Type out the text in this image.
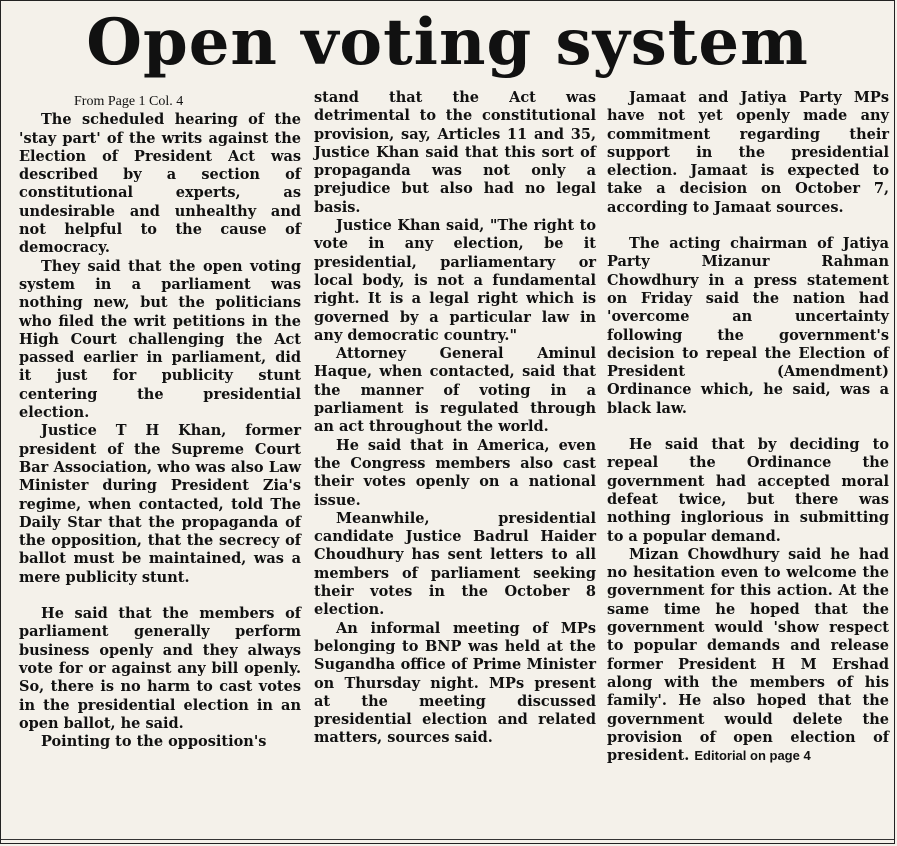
Open voting system

From Page 1 Col. 4

The scheduled hearing of the 'stay part' of the writs against the Election of President Act was described by a section of constitutional experts, as undesirable and unhealthy and not helpful to the cause of democracy.

They said that the open voting system in a parliament was nothing new, but the politicians who filed the writ petitions in the High Court challenging the Act passed earlier in parliament, did it just for publicity stunt centering the presidential election.

Justice T H Khan, former president of the Supreme Court Bar Association, who was also Law Minister during President Zia's regime, when contacted, told The Daily Star that the propaganda of the opposition, that the secrecy of ballot must be maintained, was a mere publicity stunt.

He said that the members of parliament generally perform business openly and they always vote for or against any bill openly. So, there is no harm to cast votes in the presidential election in an open ballot, he said.

Pointing to the opposition's

stand that the Act was detrimental to the constitutional provision, say, Articles 11 and 35, Justice Khan said that this sort of propaganda was not only a prejudice but also had no legal basis.

Justice Khan said, "The right to vote in any election, be it presidential, parliamentary or local body, is not a fundamental right. It is a legal right which is governed by a particular law in any democratic country."

Attorney General Aminul Haque, when contacted, said that the manner of voting in a parliament is regulated through an act throughout the world.

He said that in America, even the Congress members also cast their votes openly on a national issue.

Meanwhile, presidential candidate Justice Badrul Haider Choudhury has sent letters to all members of parliament seeking their votes in the October 8 election.

An informal meeting of MPs belonging to BNP was held at the Sugandha office of Prime Minister on Thursday night. MPs present at the meeting discussed presidential election and related matters, sources said.

Jamaat and Jatiya Party MPs have not yet openly made any commitment regarding their support in the presidential election. Jamaat is expected to take a decision on October 7, according to Jamaat sources.

The acting chairman of Jatiya Party Mizanur Rahman Chowdhury in a press statement on Friday said the nation had 'overcome an uncertainty following the government's decision to repeal the Election of President (Amendment) Ordinance which, he said, was a black law.

He said that by deciding to repeal the Ordinance the government had accepted moral defeat twice, but there was nothing inglorious in submitting to a popular demand.

Mizan Chowdhury said he had no hesitation even to welcome the government for this action. At the same time he hoped that the government would 'show respect to popular demands and release former President H M Ershad along with the members of his family'. He also hoped that the government would delete the provision of open election of president. Editorial on page 4
